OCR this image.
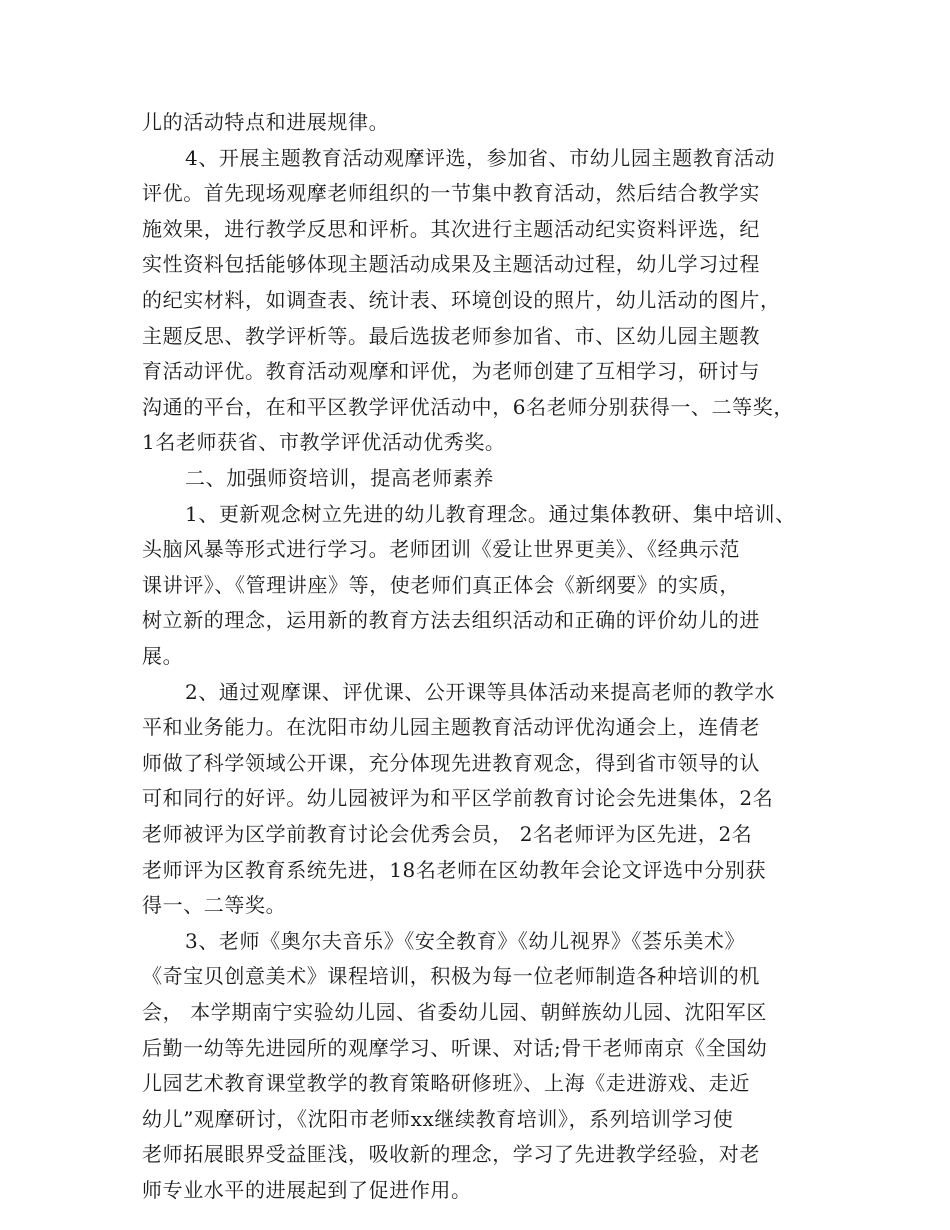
儿的活动特点和进展规律。
4、开展主题教育活动观摩评选，参加省、市幼儿园主题教育活动
评优。首先现场观摩老师组织的一节集中教育活动，然后结合教学实
施效果，进行教学反思和评析。其次进行主题活动纪实资料评选，纪
实性资料包括能够体现主题活动成果及主题活动过程，幼儿学习过程
的纪实材料，如调查表、统计表、环境创设的照片，幼儿活动的图片，
主题反思、教学评析等。最后选拔老师参加省、市、区幼儿园主题教
育活动评优。教育活动观摩和评优，为老师创建了互相学习，研讨与
沟通的平台，在和平区教学评优活动中，6名老师分别获得一、二等奖，
1名老师获省、市教学评优活动优秀奖。
二、加强师资培训，提高老师素养
1、更新观念树立先进的幼儿教育理念。通过集体教研、集中培训、
头脑风暴等形式进行学习。老师团训《爱让世界更美》、《经典示范
课讲评》、《管理讲座》等，使老师们真正体会《新纲要》的实质，
树立新的理念，运用新的教育方法去组织活动和正确的评价幼儿的进
展。
2、通过观摩课、评优课、公开课等具体活动来提高老师的教学水
平和业务能力。在沈阳市幼儿园主题教育活动评优沟通会上，连倩老
师做了科学领域公开课，充分体现先进教育观念，得到省市领导的认
可和同行的好评。幼儿园被评为和平区学前教育讨论会先进集体，2名
老师被评为区学前教育讨论会优秀会员， 2名老师评为区先进，2名
老师评为区教育系统先进，18名老师在区幼教年会论文评选中分别获
得一、二等奖。
3、老师《奥尔夫音乐》《安全教育》《幼儿视界》《荟乐美术》
《奇宝贝创意美术》课程培训，积极为每一位老师制造各种培训的机
会， 本学期南宁实验幼儿园、省委幼儿园、朝鲜族幼儿园、沈阳军区
后勤一幼等先进园所的观摩学习、听课、对话;骨干老师南京《全国幼
儿园艺术教育课堂教学的教育策略研修班》、上海《走进游戏、走近
幼儿”观摩研讨，《沈阳市老师xx继续教育培训》，系列培训学习使
老师拓展眼界受益匪浅，吸收新的理念，学习了先进教学经验，对老
师专业水平的进展起到了促进作用。
